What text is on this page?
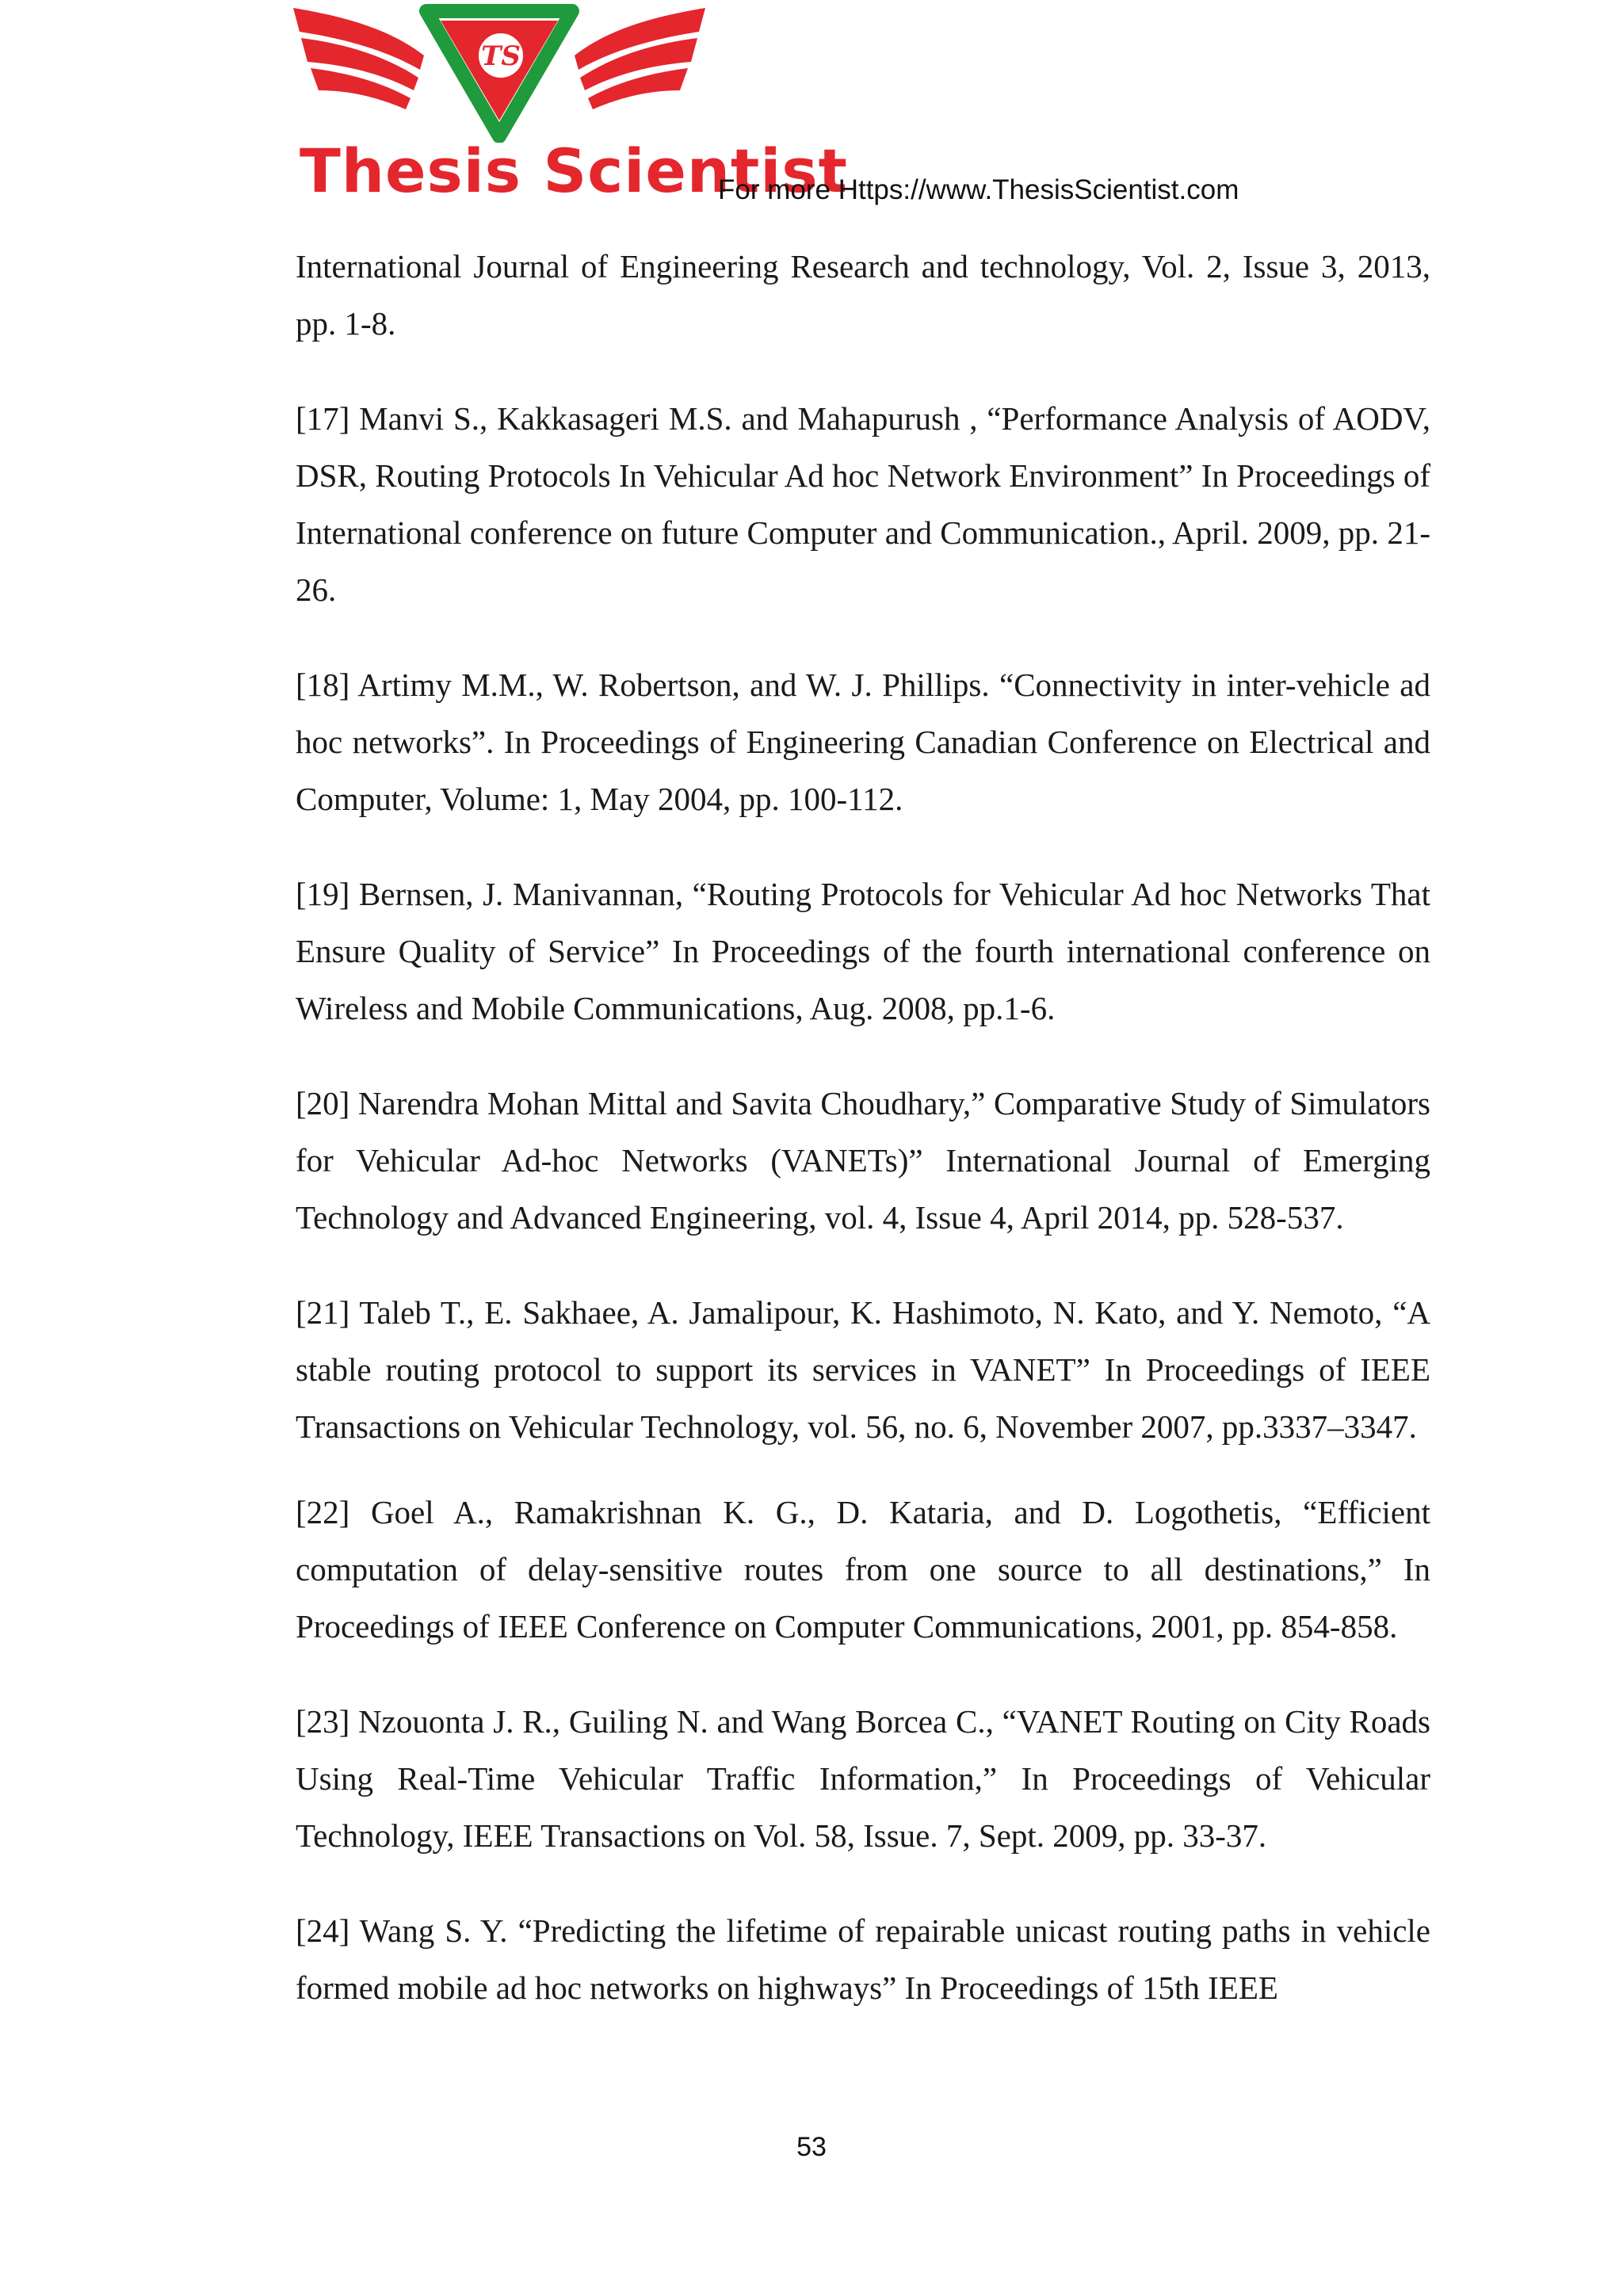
TS
Thesis Scientist
For more Https://www.ThesisScientist.com

International Journal of Engineering Research and technology, Vol. 2, Issue 3, 2013, pp. 1-8.

[17] Manvi S., Kakkasageri M.S. and Mahapurush , “Performance Analysis of AODV, DSR, Routing Protocols In Vehicular Ad hoc Network Environment” In Proceedings of International conference on future Computer and Communication., April. 2009, pp. 21-26.

[18] Artimy M.M., W. Robertson, and W. J. Phillips. “Connectivity in inter-vehicle ad hoc networks”. In Proceedings of Engineering Canadian Conference on Electrical and Computer, Volume: 1, May 2004, pp. 100-112.

[19] Bernsen, J. Manivannan, “Routing Protocols for Vehicular Ad hoc Networks That Ensure Quality of Service” In Proceedings of the fourth international conference on Wireless and Mobile Communications, Aug. 2008, pp.1-6.

[20] Narendra Mohan Mittal and Savita Choudhary,” Comparative Study of Simulators for Vehicular Ad-hoc Networks (VANETs)” International Journal of Emerging Technology and Advanced Engineering, vol. 4, Issue 4, April 2014, pp. 528-537.

[21] Taleb T., E. Sakhaee, A. Jamalipour, K. Hashimoto, N. Kato, and Y. Nemoto, “A stable routing protocol to support its services in VANET” In Proceedings of IEEE Transactions on Vehicular Technology, vol. 56, no. 6, November 2007, pp.3337–3347.

[22] Goel A., Ramakrishnan K. G., D. Kataria, and D. Logothetis, “Efficient computation of delay-sensitive routes from one source to all destinations,” In Proceedings of IEEE Conference on Computer Communications, 2001, pp. 854-858.

[23] Nzouonta J. R., Guiling N. and Wang Borcea C., “VANET Routing on City Roads Using Real-Time Vehicular Traffic Information,” In Proceedings of Vehicular Technology, IEEE Transactions on Vol. 58, Issue. 7, Sept. 2009, pp. 33-37.

[24] Wang S. Y. “Predicting the lifetime of repairable unicast routing paths in vehicle formed mobile ad hoc networks on highways” In Proceedings of 15th IEEE

53
